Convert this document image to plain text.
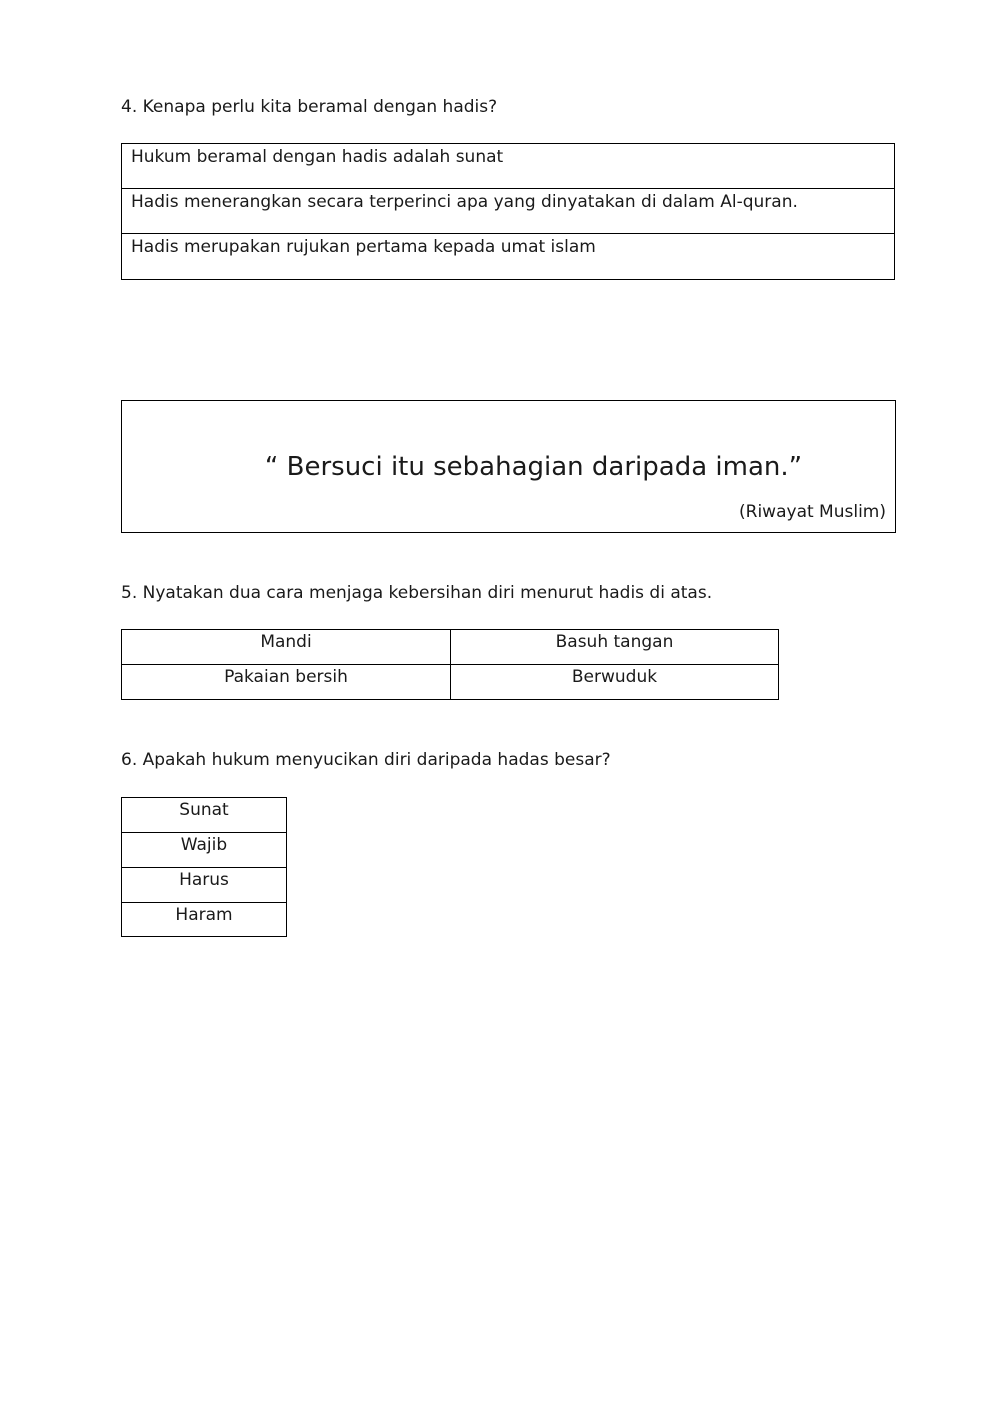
4. Kenapa perlu kita beramal dengan hadis?
Hukum beramal dengan hadis adalah sunat
Hadis menerangkan secara terperinci apa yang dinyatakan di dalam Al-quran.
Hadis merupakan rujukan pertama kepada umat islam
“ Bersuci itu sebahagian daripada iman.”
(Riwayat Muslim)
5. Nyatakan dua cara menjaga kebersihan diri menurut hadis di atas.
Mandi	Basuh tangan
Pakaian bersih	Berwuduk
6. Apakah hukum menyucikan diri daripada hadas besar?
Sunat
Wajib
Harus
Haram
